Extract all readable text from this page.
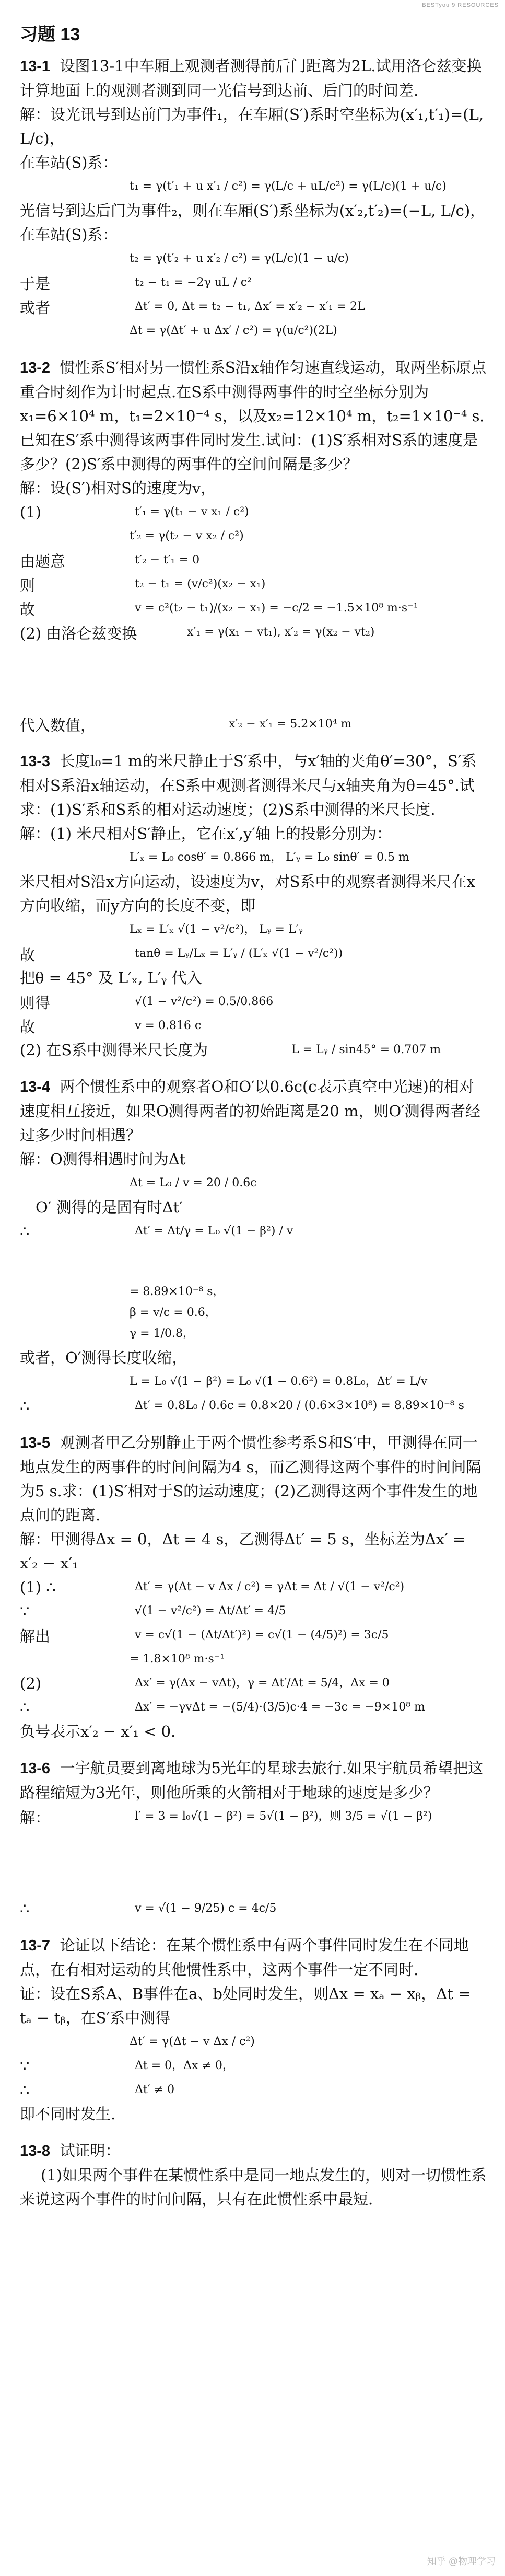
BESTyou 9 RESOURCES
习题 13
13-1 设图13-1中车厢上观测者测得前后门距离为2L.试用洛仑兹变换计算地面上的观测者测到同一光信号到达前、后门的时间差.
解：设光讯号到达前门为事件₁，在车厢(S′)系时空坐标为(x′₁,t′₁)=(L, L/c)，
在车站(S)系：
t₁ = γ(t′₁ + u x′₁ / c²) = γ(L/c + uL/c²) = γ(L/c)(1 + u/c)
光信号到达后门为事件₂，则在车厢(S′)系坐标为(x′₂,t′₂)=(−L, L/c)，在车站(S)系：
t₂ = γ(t′₂ + u x′₂ / c²) = γ(L/c)(1 − u/c)
于是	t₂ − t₁ = −2γ uL / c²
或者	Δt′ = 0, Δt = t₂ − t₁, Δx′ = x′₂ − x′₁ = 2L
Δt = γ(Δt′ + u Δx′ / c²) = γ(u/c²)(2L)
13-2 惯性系S′相对另一惯性系S沿x轴作匀速直线运动，取两坐标原点重合时刻作为计时起点.在S系中测得两事件的时空坐标分别为x₁=6×10⁴ m，t₁=2×10⁻⁴ s，以及x₂=12×10⁴ m，t₂=1×10⁻⁴ s.已知在S′系中测得该两事件同时发生.试问：(1)S′系相对S系的速度是多少？(2)S′系中测得的两事件的空间间隔是多少？
解：设(S′)相对S的速度为v，
(1)	t′₁ = γ(t₁ − v x₁ / c²)
t′₂ = γ(t₂ − v x₂ / c²)
由题意	t′₂ − t′₁ = 0
则	t₂ − t₁ = (v/c²)(x₂ − x₁)
故	v = c²(t₂ − t₁)/(x₂ − x₁) = −c/2 = −1.5×10⁸ m·s⁻¹
(2) 由洛仑兹变换	x′₁ = γ(x₁ − vt₁), x′₂ = γ(x₂ − vt₂)
代入数值，	x′₂ − x′₁ = 5.2×10⁴ m
13-3 长度l₀=1 m的米尺静止于S′系中，与x′轴的夹角θ′=30°，S′系相对S系沿x轴运动，在S系中观测者测得米尺与x轴夹角为θ=45°.试求：(1)S′系和S系的相对运动速度；(2)S系中测得的米尺长度.
解：(1) 米尺相对S′静止，它在x′,y′轴上的投影分别为：
L′ₓ = L₀ cosθ′ = 0.866 m， L′ᵧ = L₀ sinθ′ = 0.5 m
米尺相对S沿x方向运动，设速度为v，对S系中的观察者测得米尺在x方向收缩，而y方向的长度不变，即
Lₓ = L′ₓ √(1 − v²/c²)， Lᵧ = L′ᵧ
故	tanθ = Lᵧ/Lₓ = L′ᵧ / (L′ₓ √(1 − v²/c²))
把θ = 45° 及 L′ₓ, L′ᵧ 代入
则得	√(1 − v²/c²) = 0.5/0.866
故	v = 0.816 c
(2) 在S系中测得米尺长度为	L = Lᵧ / sin45° = 0.707 m
13-4 两个惯性系中的观察者O和O′以0.6c(c表示真空中光速)的相对速度相互接近，如果O测得两者的初始距离是20 m，则O′测得两者经过多少时间相遇？
解：O测得相遇时间为Δt
Δt = L₀ / v = 20 / 0.6c
O′ 测得的是固有时Δt′
∴	Δt′ = Δt/γ = L₀ √(1 − β²) / v
= 8.89×10⁻⁸ s，
β = v/c = 0.6，
γ = 1/0.8，
或者，O′测得长度收缩，
L = L₀ √(1 − β²) = L₀ √(1 − 0.6²) = 0.8L₀，Δt′ = L/v
∴	Δt′ = 0.8L₀ / 0.6c = 0.8×20 / (0.6×3×10⁸) = 8.89×10⁻⁸ s
13-5 观测者甲乙分别静止于两个惯性参考系S和S′中，甲测得在同一地点发生的两事件的时间间隔为4 s，而乙测得这两个事件的时间间隔为5 s.求：(1)S′相对于S的运动速度；(2)乙测得这两个事件发生的地点间的距离.
解：甲测得Δx = 0，Δt = 4 s，乙测得Δt′ = 5 s，坐标差为Δx′ = x′₂ − x′₁
(1) ∴	Δt′ = γ(Δt − v Δx / c²) = γΔt = Δt / √(1 − v²/c²)
∵	√(1 − v²/c²) = Δt/Δt′ = 4/5
解出	v = c√(1 − (Δt/Δt′)²) = c√(1 − (4/5)²) = 3c/5
= 1.8×10⁸ m·s⁻¹
(2)	Δx′ = γ(Δx − vΔt)，γ = Δt′/Δt = 5/4，Δx = 0
∴	Δx′ = −γvΔt = −(5/4)·(3/5)c·4 = −3c = −9×10⁸ m
负号表示x′₂ − x′₁ < 0.
13-6 一宇航员要到离地球为5光年的星球去旅行.如果宇航员希望把这路程缩短为3光年，则他所乘的火箭相对于地球的速度是多少？
解：	l′ = 3 = l₀√(1 − β²) = 5√(1 − β²)，则 3/5 = √(1 − β²)
∴	v = √(1 − 9/25) c = 4c/5
13-7 论证以下结论：在某个惯性系中有两个事件同时发生在不同地点，在有相对运动的其他惯性系中，这两个事件一定不同时.
证：设在S系A、B事件在a、b处同时发生，则Δx = xₐ − xᵦ，Δt = tₐ − tᵦ，在S′系中测得
Δt′ = γ(Δt − v Δx / c²)
∵	Δt = 0，Δx ≠ 0，
∴	Δt′ ≠ 0
即不同时发生.
13-8 试证明：
(1)如果两个事件在某惯性系中是同一地点发生的，则对一切惯性系来说这两个事件的时间间隔，只有在此惯性系中最短.
知乎 @物理学习
